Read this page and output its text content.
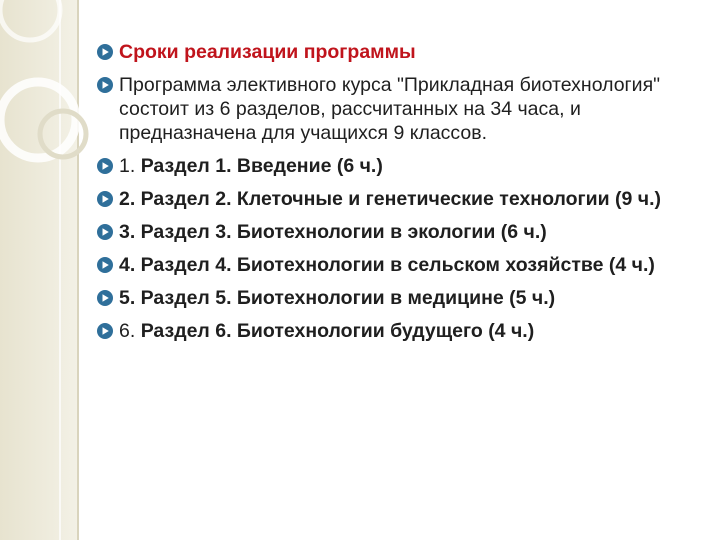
Сроки реализации программы
Программа элективного курса "Прикладная биотехнология" состоит из 6 разделов, рассчитанных на 34 часа, и предназначена для учащихся 9 классов.
1. Раздел 1. Введение (6 ч.)
2. Раздел 2. Клеточные и генетические технологии (9 ч.)
3. Раздел 3. Биотехнологии в экологии (6 ч.)
4. Раздел 4. Биотехнологии в сельском хозяйстве (4 ч.)
5. Раздел 5. Биотехнологии в медицине (5 ч.)
6. Раздел 6. Биотехнологии будущего (4 ч.)
